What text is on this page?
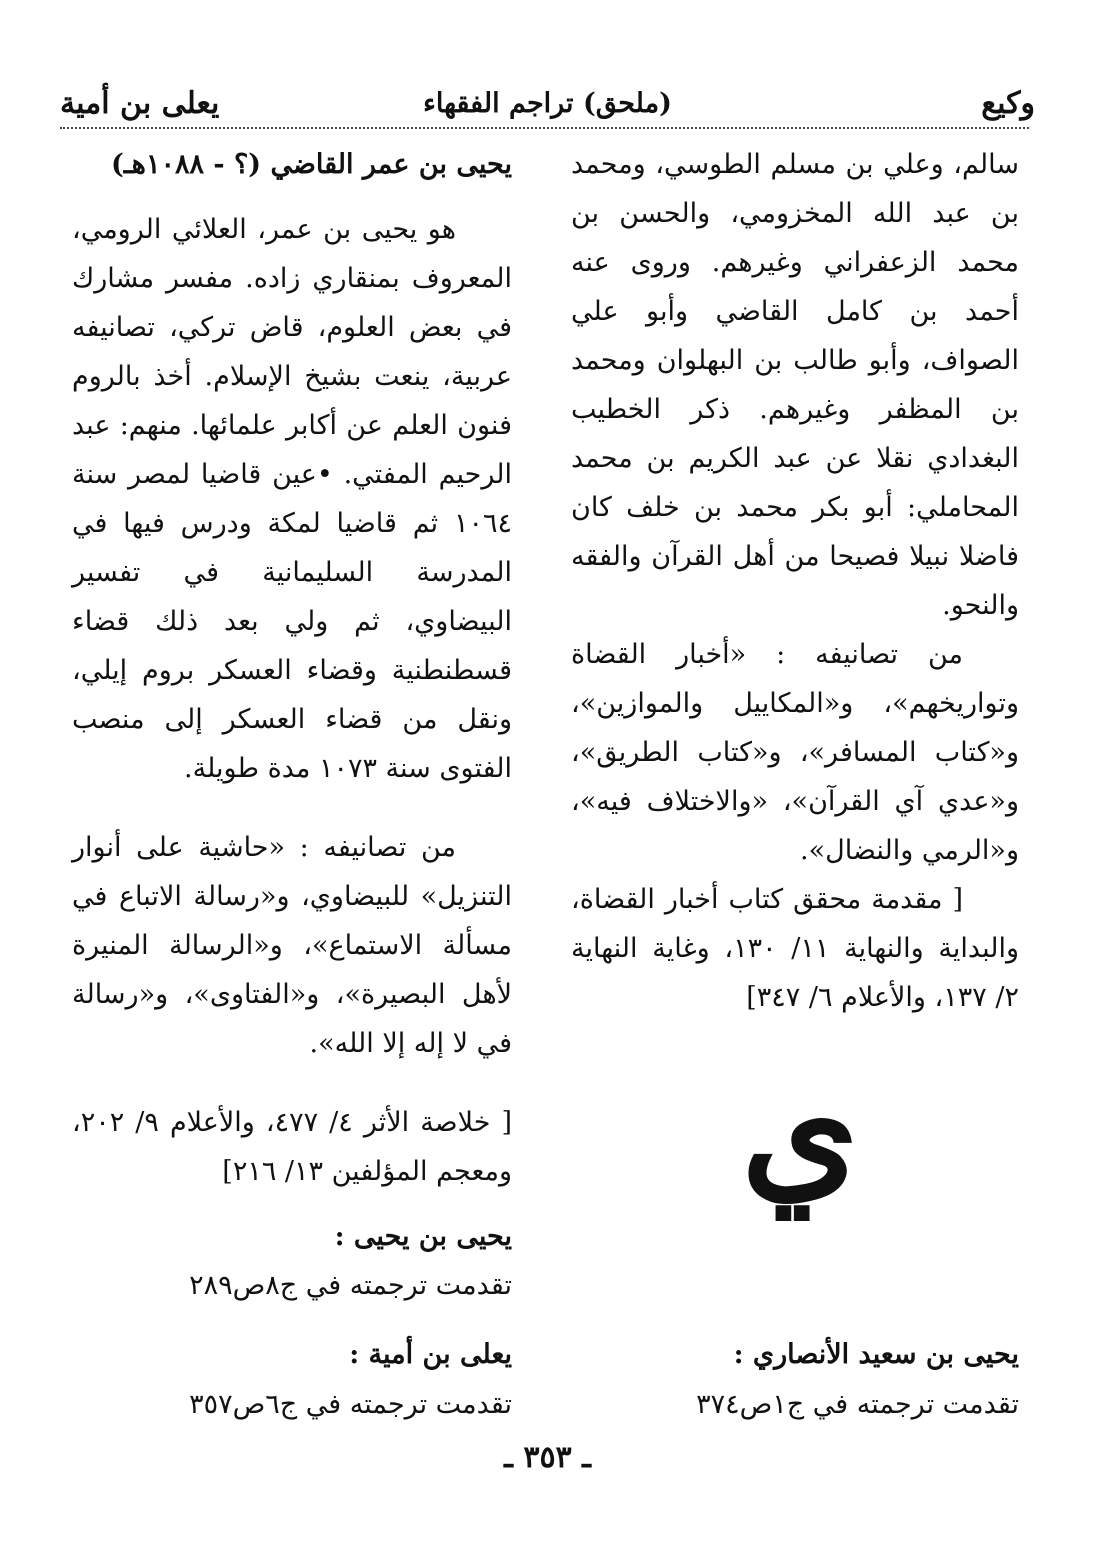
وكيع
(ملحق) تراجم الفقهاء
يعلى بن أمية

سالم، وعلي بن مسلم الطوسي، ومحمد بن عبد الله المخزومي، والحسن بن محمد الزعفراني وغيرهم. وروى عنه أحمد بن كامل القاضي وأبو علي الصواف، وأبو طالب بن البهلوان ومحمد بن المظفر وغيرهم. ذكر الخطيب البغدادي نقلا عن عبد الكريم بن محمد المحاملي: أبو بكر محمد بن خلف كان فاضلا نبيلا فصيحا من أهل القرآن والفقه والنحو.

من تصانيفه : «أخبار القضاة وتواريخهم»، و«المكاييل والموازين»، و«كتاب المسافر»، و«كتاب الطريق»، و«عدي آي القرآن»، «والاختلاف فيه»، و«الرمي والنضال».

[ مقدمة محقق كتاب أخبار القضاة، والبداية والنهاية ١١/ ١٣٠، وغاية النهاية ٢/ ١٣٧، والأعلام ٦/ ٣٤٧]

ي
يحيى بن سعيد الأنصاري :
تقدمت ترجمته في ج١ص٣٧٤
يحيى بن عمر القاضي (؟ - ١٠٨٨هـ)

هو يحيى بن عمر، العلائي الرومي، المعروف بمنقاري زاده. مفسر مشارك في بعض العلوم، قاض تركي، تصانيفه عربية، ينعت بشيخ الإسلام. أخذ بالروم فنون العلم عن أكابر علمائها. منهم: عبد الرحيم المفتي. •عين قاضيا لمصر سنة ١٠٦٤ ثم قاضيا لمكة ودرس فيها في المدرسة السليمانية في تفسير البيضاوي، ثم ولي بعد ذلك قضاء قسطنطنية وقضاء العسكر بروم إيلي، ونقل من قضاء العسكر إلى منصب الفتوى سنة ١٠٧٣ مدة طويلة.

من تصانيفه : «حاشية على أنوار التنزيل» للبيضاوي، و«رسالة الاتباع في مسألة الاستماع»، و«الرسالة المنيرة لأهل البصيرة»، و«الفتاوى»، و«رسالة في لا إله إلا الله».

[ خلاصة الأثر ٤/ ٤٧٧، والأعلام ٩/ ٢٠٢، ومعجم المؤلفين ١٣/ ٢١٦]

يحيى بن يحيى :
تقدمت ترجمته في ج٨ص٢٨٩
يعلى بن أمية :
تقدمت ترجمته في ج٦ص٣٥٧
ـ ٣٥٣ ـ
